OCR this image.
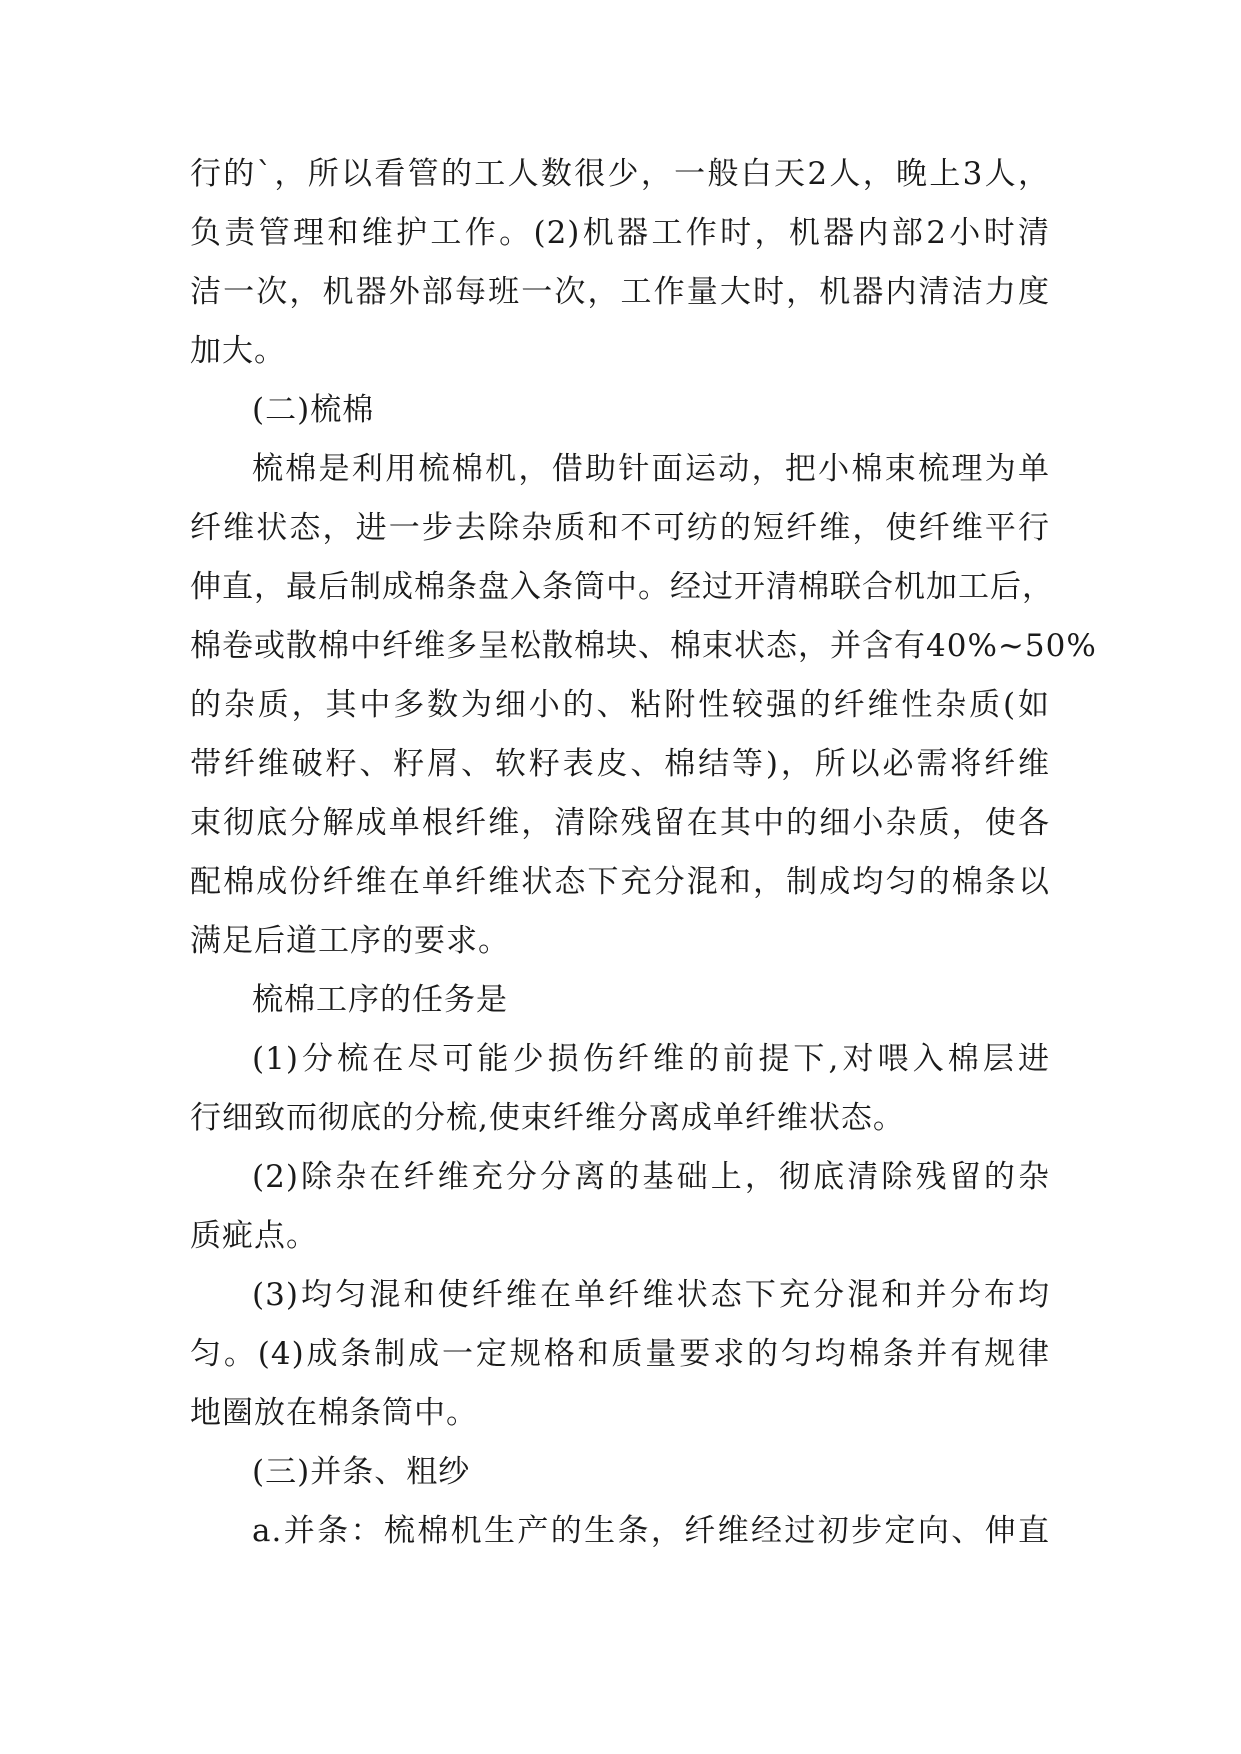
行的`，所以看管的工人数很少，一般白天2人，晚上3人，
负责管理和维护工作。(2)机器工作时，机器内部2小时清
洁一次，机器外部每班一次，工作量大时，机器内清洁力度
加大。
(二)梳棉
梳棉是利用梳棉机，借助针面运动，把小棉束梳理为单
纤维状态，进一步去除杂质和不可纺的短纤维，使纤维平行
伸直，最后制成棉条盘入条筒中。经过开清棉联合机加工后，
棉卷或散棉中纤维多呈松散棉块、棉束状态，并含有40%~50%
的杂质，其中多数为细小的、粘附性较强的纤维性杂质(如
带纤维破籽、籽屑、软籽表皮、棉结等)，所以必需将纤维
束彻底分解成单根纤维，清除残留在其中的细小杂质，使各
配棉成份纤维在单纤维状态下充分混和，制成均匀的棉条以
满足后道工序的要求。
梳棉工序的任务是
(1)分梳在尽可能少损伤纤维的前提下,对喂入棉层进
行细致而彻底的分梳,使束纤维分离成单纤维状态。
(2)除杂在纤维充分分离的基础上，彻底清除残留的杂
质疵点。
(3)均匀混和使纤维在单纤维状态下充分混和并分布均
匀。(4)成条制成一定规格和质量要求的匀均棉条并有规律
地圈放在棉条筒中。
(三)并条、粗纱
a.并条：梳棉机生产的生条，纤维经过初步定向、伸直
